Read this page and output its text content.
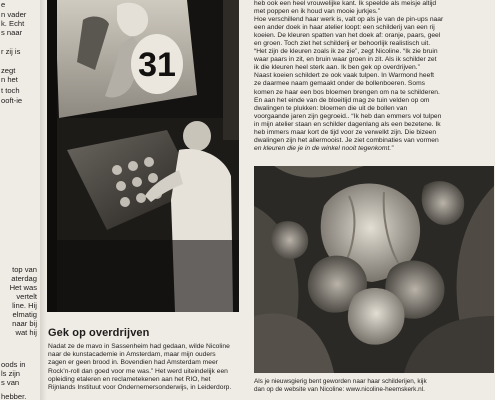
e
n vader
k. Echt
s naar
r zij is
zegt
n het
t toch
ooft-ie
top van
aterdag
Het was
vertelt
line. Hij
elmatig
naar bij
wat hij
oods in
ls zijn
s van
hebber.
31
Gek op overdrijven
Nadat ze de mavo in Sassenheim had gedaan, wilde Nicoline
naar de kunstacademie in Amsterdam, maar mijn ouders
zagen er geen brood in. Bovendien had Amsterdam meer
Rock’n-roll dan goed voor me was.” Het werd uiteindelijk een
opleiding etaleren en reclametekenen aan het RIO, het
Rijnlands Instituut voor Ondernemersonderwijs, in Leiderdorp.
heb ook een heel vrouwelijke kant. Ik speelde als meisje altijd
met poppen en ik houd van mooie jurkjes.”
Hoe verschillend haar werk is, valt op als je van de pin-ups naar
een ander doek in haar atelier loopt: een schilderij van een rij
koeien. De kleuren spatten van het doek af: oranje, paars, geel
en groen. Toch ziet het schilderij er behoorlijk realistisch uit.
“Het zijn de kleuren zoals ik ze zie”, zegt Nicoline. “Ik zie bruin
waar paars in zit, en bruin waar groen in zit. Als ik schilder zet
ik die kleuren heel sterk aan. Ik ben gek op overdrijven.”
Naast koeien schildert ze ook vaak tulpen. In Warmond heeft
ze daarmee naam gemaakt onder de bollenboeren. Soms
komen ze haar een bos bloemen brengen om na te schilderen.
En aan het einde van de bloeitijd mag ze tuin velden op om
dwalingen te plukken: bloemen die uit de bollen van
voorgaande jaren zijn gegroeid.. “Ik heb dan emmers vol tulpen
in mijn atelier staan en schilder dagenlang als een bezetene. Ik
heb immers maar kort de tijd voor ze verwelkt zijn. Die bizeen
dwalingen zijn het allermooist. Je ziet combinaties van vormen
en kleuren die je in de winkel nooit tegenkomt.”
Als je nieuwsgierig bent geworden naar haar schilderijen, kijk
dan op de website van Nicoline: www.nicoline-heemskerk.nl.
